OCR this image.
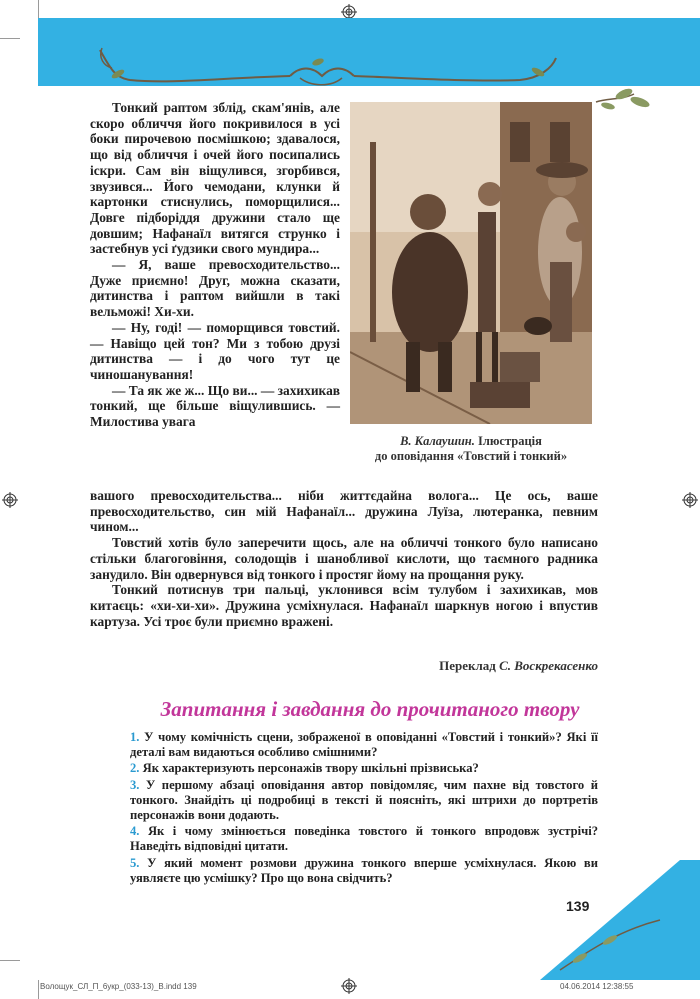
Тонкий раптом зблід, скам'янів, але скоро обличчя його покривилося в усі боки пирочевою посмішкою; здавалося, що від обличчя і очей його посипались іскри. Сам він віщулився, згорбився, звузився... Його чемодани, клунки й картонки стиснулись, поморщилися... Довге підборіддя дружини стало ще довшим; Нафанаїл витягся струнко і застебнув усі ґудзики свого мундира...

— Я, ваше превосходительство... Дуже приємно! Друг, можна сказати, дитинства і раптом вийшли в такі вельможі! Хи-хи.

— Ну, годі! — поморщився товстий. — Навіщо цей тон? Ми з тобою друзі дитинства — і до чого тут це чиношанування!

— Та як же ж... Що ви... — захихикав тонкий, ще більше віщулившись. — Милостива увага

В. Калаушин. Ілюстрація
до оповідання «Товстий і тонкий»

вашого превосходительства... ніби життєдайна волога... Це ось, ваше превосходительство, син мій Нафанаїл... дружина Луїза, лютеранка, певним чином...

Товстий хотів було заперечити щось, але на обличчі тонкого було написано стільки благоговіння, солодощів і шанобливої кислоти, що таємного радника занудило. Він одвернувся від тонкого і простяг йому на прощання руку.

Тонкий потиснув три пальці, уклонився всім тулубом і захихикав, мов китаєць: «хи-хи-хи». Дружина усміхнулася. Нафанаїл шаркнув ногою і впустив картуза. Усі троє були приємно вражені.

Переклад С. Воскрекасенко
Запитання і завдання до прочитаного твору
1. У чому комічність сцени, зображеної в оповіданні «Товстий і тонкий»? Які її деталі вам видаються особливо смішними?
2. Як характеризують персонажів твору шкільні прізвиська?
3. У першому абзаці оповідання автор повідомляє, чим пахне від товстого й тонкого. Знайдіть ці подробиці в тексті й поясніть, які штрихи до портретів персонажів вони додають.
4. Як і чому змінюється поведінка товстого й тонкого впродовж зустрічі? Наведіть відповідні цитати.
5. У який момент розмови дружина тонкого вперше усміхнулася. Якою ви уявляєте цю усмішку? Про що вона свідчить?
139
Волощук_СЛ_П_6укр_(033-13)_В.indd 139	04.06.2014 12:38:55
